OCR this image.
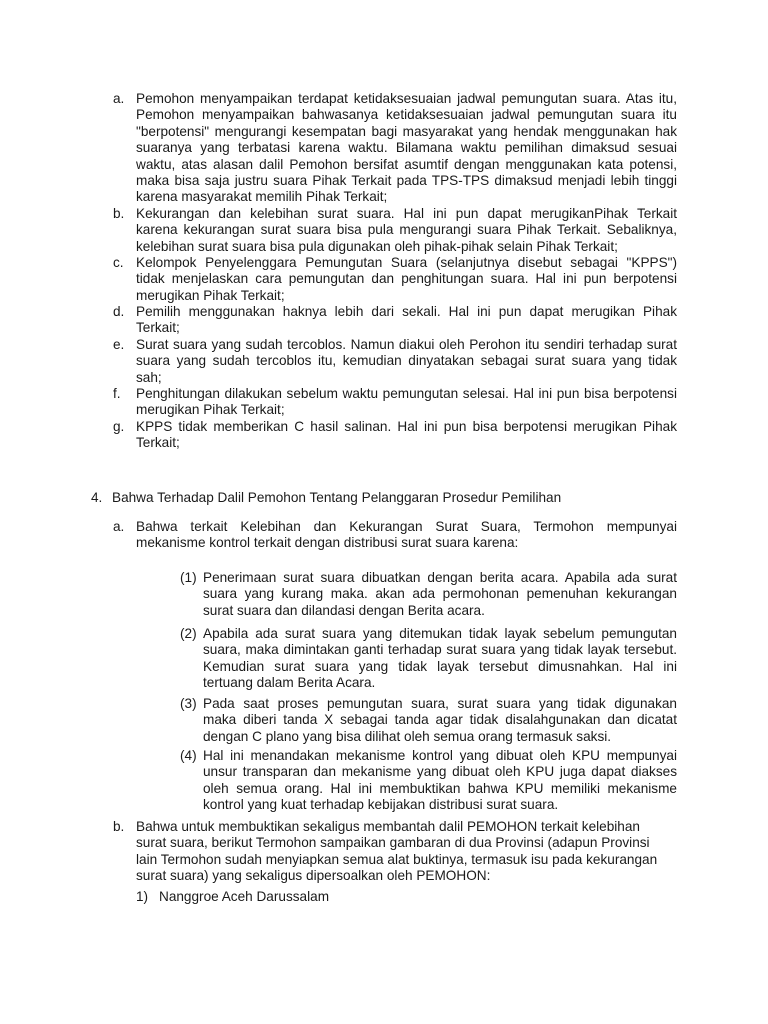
a. Pemohon menyampaikan terdapat ketidaksesuaian jadwal pemungutan suara. Atas itu,
Pemohon menyampaikan bahwasanya ketidaksesuaian jadwal pemungutan suara itu
"berpotensi" mengurangi kesempatan bagi masyarakat yang hendak menggunakan hak
suaranya yang terbatasi karena waktu. Bilamana waktu pemilihan dimaksud sesuai
waktu, atas alasan dalil Pemohon bersifat asumtif dengan menggunakan kata potensi,
maka bisa saja justru suara Pihak Terkait pada TPS-TPS dimaksud menjadi lebih tinggi
karena masyarakat memilih Pihak Terkait;
b. Kekurangan dan kelebihan surat suara. Hal ini pun dapat merugikanPihak Terkait
karena kekurangan surat suara bisa pula mengurangi suara Pihak Terkait. Sebaliknya,
kelebihan surat suara bisa pula digunakan oleh pihak-pihak selain Pihak Terkait;
c. Kelompok Penyelenggara Pemungutan Suara (selanjutnya disebut sebagai "KPPS")
tidak menjelaskan cara pemungutan dan penghitungan suara. Hal ini pun berpotensi
merugikan Pihak Terkait;
d. Pemilih menggunakan haknya lebih dari sekali. Hal ini pun dapat merugikan Pihak
Terkait;
e. Surat suara yang sudah tercoblos. Namun diakui oleh Perohon itu sendiri terhadap surat
suara yang sudah tercoblos itu, kemudian dinyatakan sebagai surat suara yang tidak
sah;
f. Penghitungan dilakukan sebelum waktu pemungutan selesai. Hal ini pun bisa berpotensi
merugikan Pihak Terkait;
g. KPPS tidak memberikan C hasil salinan. Hal ini pun bisa berpotensi merugikan Pihak
Terkait;
4. Bahwa Terhadap Dalil Pemohon Tentang Pelanggaran Prosedur Pemilihan
a. Bahwa terkait Kelebihan dan Kekurangan Surat Suara, Termohon mempunyai
mekanisme kontrol terkait dengan distribusi surat suara karena:
(1) Penerimaan surat suara dibuatkan dengan berita acara. Apabila ada surat
suara yang kurang maka. akan ada permohonan pemenuhan kekurangan
surat suara dan dilandasi dengan Berita acara.
(2) Apabila ada surat suara yang ditemukan tidak layak sebelum pemungutan
suara, maka dimintakan ganti terhadap surat suara yang tidak layak tersebut.
Kemudian surat suara yang tidak layak tersebut dimusnahkan. Hal ini
tertuang dalam Berita Acara.
(3) Pada saat proses pemungutan suara, surat suara yang tidak digunakan
maka diberi tanda X sebagai tanda agar tidak disalahgunakan dan dicatat
dengan C plano yang bisa dilihat oleh semua orang termasuk saksi.
(4) Hal ini menandakan mekanisme kontrol yang dibuat oleh KPU mempunyai
unsur transparan dan mekanisme yang dibuat oleh KPU juga dapat diakses
oleh semua orang. Hal ini membuktikan bahwa KPU memiliki mekanisme
kontrol yang kuat terhadap kebijakan distribusi surat suara.
b. Bahwa untuk membuktikan sekaligus membantah dalil PEMOHON terkait kelebihan
surat suara, berikut Termohon sampaikan gambaran di dua Provinsi (adapun Provinsi
lain Termohon sudah menyiapkan semua alat buktinya, termasuk isu pada kekurangan
surat suara) yang sekaligus dipersoalkan oleh PEMOHON:
1) Nanggroe Aceh Darussalam
